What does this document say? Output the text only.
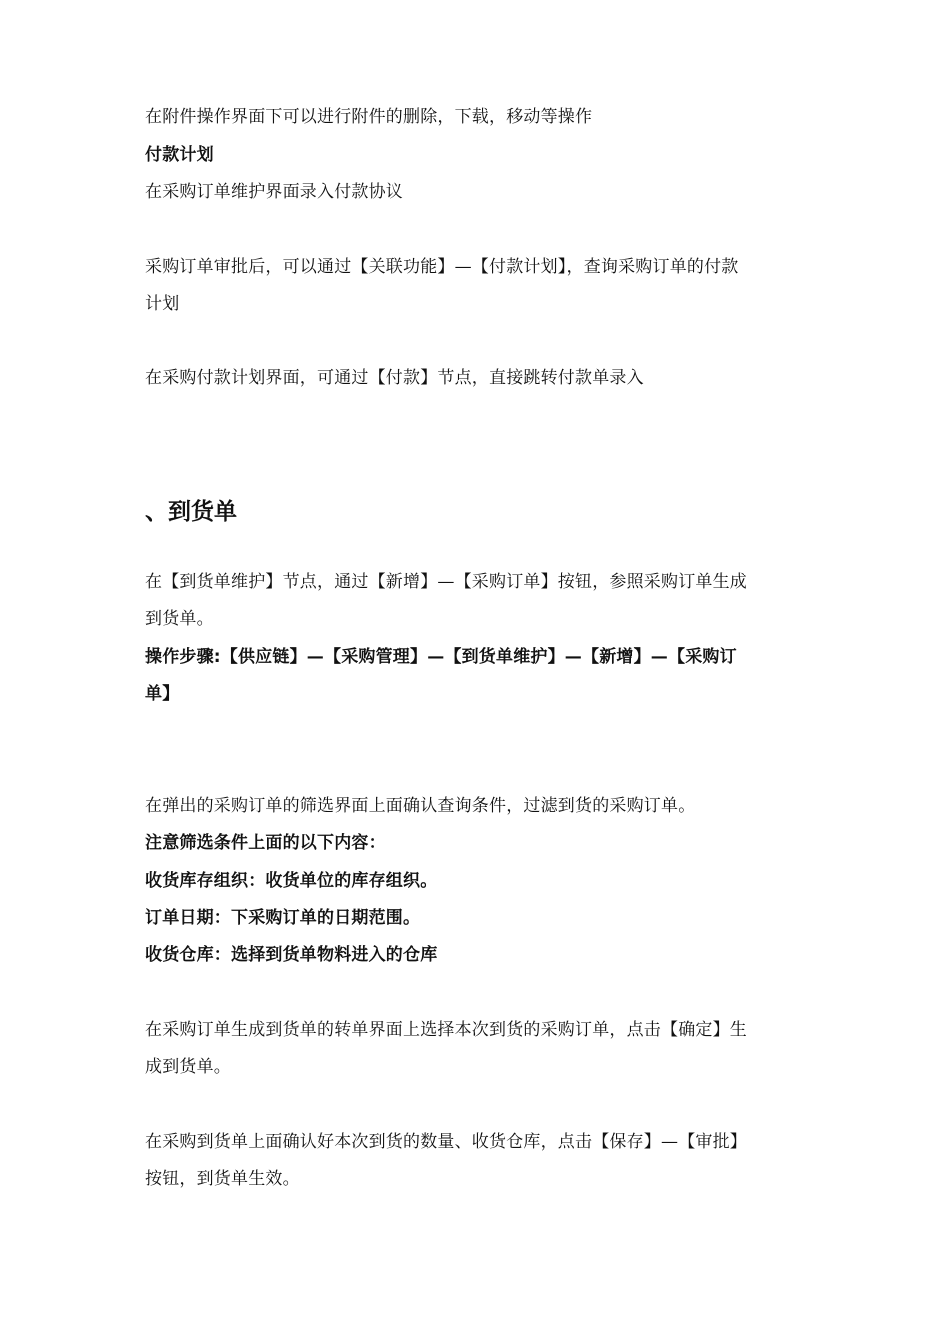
在附件操作界面下可以进行附件的删除，下载，移动等操作
付款计划
在采购订单维护界面录入付款协议
采购订单审批后，可以通过【关联功能】—【付款计划】，查询采购订单的付款
计划
在采购付款计划界面，可通过【付款】节点，直接跳转付款单录入
、到货单
在【到货单维护】节点，通过【新增】—【采购订单】按钮，参照采购订单生成
到货单。
操作步骤:【供应链】—【采购管理】—【到货单维护】—【新增】—【采购订
单】
在弹出的采购订单的筛选界面上面确认查询条件，过滤到货的采购订单。
注意筛选条件上面的以下内容：
收货库存组织：收货单位的库存组织。
订单日期：下采购订单的日期范围。
收货仓库：选择到货单物料进入的仓库
在采购订单生成到货单的转单界面上选择本次到货的采购订单，点击【确定】生
成到货单。
在采购到货单上面确认好本次到货的数量、收货仓库，点击【保存】—【审批】
按钮，到货单生效。
